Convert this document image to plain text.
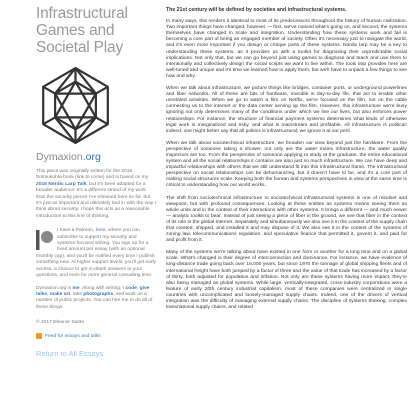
Infrastructural Games and Societal Play
Dymaxion.org
This piece was originally written for the 2016 Solmukohta book (link to come) and is based on my 2015 Nordic Larp Talk, but it's been adapted for a broader audience. It's a different strand of my work than the security pieces I've released here so far, but it's just as important and ultimately tied in with the way I think about security. I hope this acts as a reasonable introduction to this line of thinking.
I have a Patreon, here, where you can subscribe to support my security and systems-focused writing. You sign up for a fixed amount per essay (with an optional monthly cap), and you'll be notified every time I publish something new. At higher support levels, you'll get early access, a chance to get in-depth answers to your questions, and even for more general consulting time.
Dymaxion.org is me. Along with writing, I code, give talks, make art, take photographs, and work on a number of public projects. You can hire me to do all of these things.
© 2017 Eleanor Saitta
Feed for essays and talks
Return to All Essays

The 21st century will be defined by societies and infrastructural systems.

In many ways, this renders it identical to most of its predecessors throughout the history of human civilization. Two important things have changed, however — first, we've noticed what's going on, and second, the systems themselves have changed in scale and integration. Understanding how these systems work and fail is becoming a core part of being an engaged member of society. Often it's necessary just to navigate the world, and it's even more important if you design or critique parts of these systems. Nordic larp may be a key to understanding these systems, as it provides us with a toolkit for diagnosing their unpredictable social implications. Not only that, but we can go beyond just using games to diagnose and teach and use them to intentionally and collectively design the social scripts we want to live within. The tools larp provides here are well-tuned and unique and it's time we learned how to apply them, but we'll have to unpack a few things to see how and why.

When we talk about infrastructure, we picture things like bridges, container ports, or underground powerlines and fiber networks. All of these are bits of hardware, invisible in day-to-day life, that act to enable other unrelated activities. When we go to watch a film on Netflix, we're focused on the film, not on the cable connecting us to the internet or the data center serving up the film. However, this infrastructure we're busy ignoring not only determines many of the conditions under which we live our lives, but also enforces power relationships. For instance, the structure of financial payment systems determines what kinds of otherwise legal work is marginalized and risky, and what is mainstream and profitable. All infrastructure is political; indeed, one might better say that all politics is infrastructural, we ignore it at our peril.

When we talk about sociotechnical infrastructure, we broaden our view beyond just the hardware. From the perspective of someone taking a shower, not only are the water mains infrastructure, the water quality inspectors are too. From the perspective of someone applying to study at the graduate, the entire educational system and all the social relationships it contains are also just so much infrastructure. We can have deep and impactful relationships with others that we still understand fit into this infrastructural frame. The infrastructural perspective on social relationships can be dehumanizing, but it doesn't have to be, and it's a core part of making social structures scale. Keeping both the human and systems perspectives in view at the same time is critical to understanding how our world works.

The shift from sociotechnical infrastructure to sociotechnical infrastructural systems is one of mindset and viewpoint, but with profound consequences. Looking at these entities as systems means seeing them as whole units and in the context of their interactions with other systems. It brings a different — and much newer — analytic toolkit to bear. Instead of just seeing a piece of fiber in the ground, we see that fiber in the context of its role in the global Internet. Separately and simultaneously we also see it in the context of the supply chain that created, shipped, and installed it and may dispose of it. We also see it in the context of the systems of zoning law, telecommunications regulation, and speculative finance that permitted it, govern it, and paid for and profit from it.

Many of the systems we're talking about have existed in one form or another for a long time and on a global scale. What's changed is their degree of interconnection and dominance. For instance, we have evidence of long-distance trade going back over 16,000 years, but since 1970 the tonnage of global shipping fleets and of international freight have both jumped by a factor of three and the value of that trade has increased by a factor of thirty, both adjusted for population and inflation. Not only are these systems having more impact, they're also being managed as global systems. While large, vertically-integrated, cross-industry corporations were a feature of early 20th century industrial capitalism, most of these companies were centralized in single countries with uncomplicated and loosely-managed supply chains. Indeed, one of the drivers of vertical integration was the difficulty of managing external supply chains. The discipline of systems thinking, complex transnational supply chains, and related
